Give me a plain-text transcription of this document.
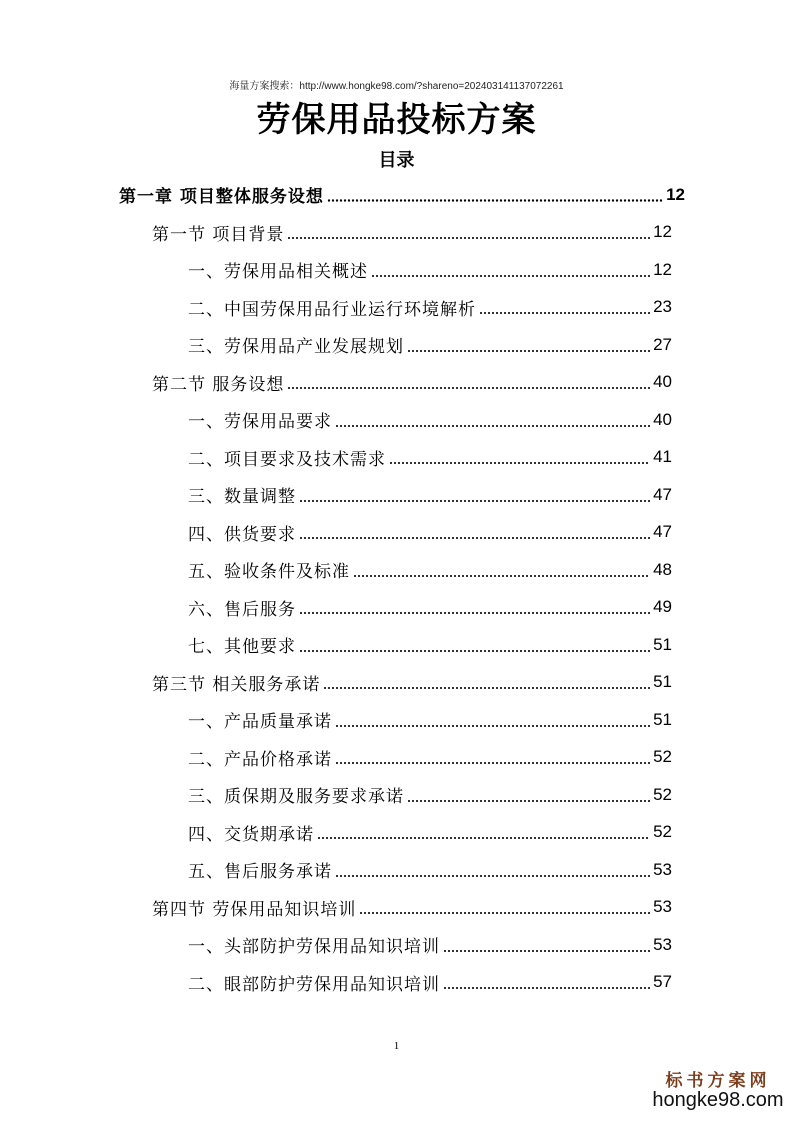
海量方案搜索：http://www.hongke98.com/?shareno=202403141137072261
劳保用品投标方案
目录
第一章 项目整体服务设想	12
第一节 项目背景	12
一、劳保用品相关概述	12
二、中国劳保用品行业运行环境解析	23
三、劳保用品产业发展规划	27
第二节 服务设想	40
一、劳保用品要求	40
二、项目要求及技术需求	41
三、数量调整	47
四、供货要求	47
五、验收条件及标准	48
六、售后服务	49
七、其他要求	51
第三节 相关服务承诺	51
一、产品质量承诺	51
二、产品价格承诺	52
三、质保期及服务要求承诺	52
四、交货期承诺	52
五、售后服务承诺	53
第四节 劳保用品知识培训	53
一、头部防护劳保用品知识培训	53
二、眼部防护劳保用品知识培训	57
1
标书方案网
hongke98.com
